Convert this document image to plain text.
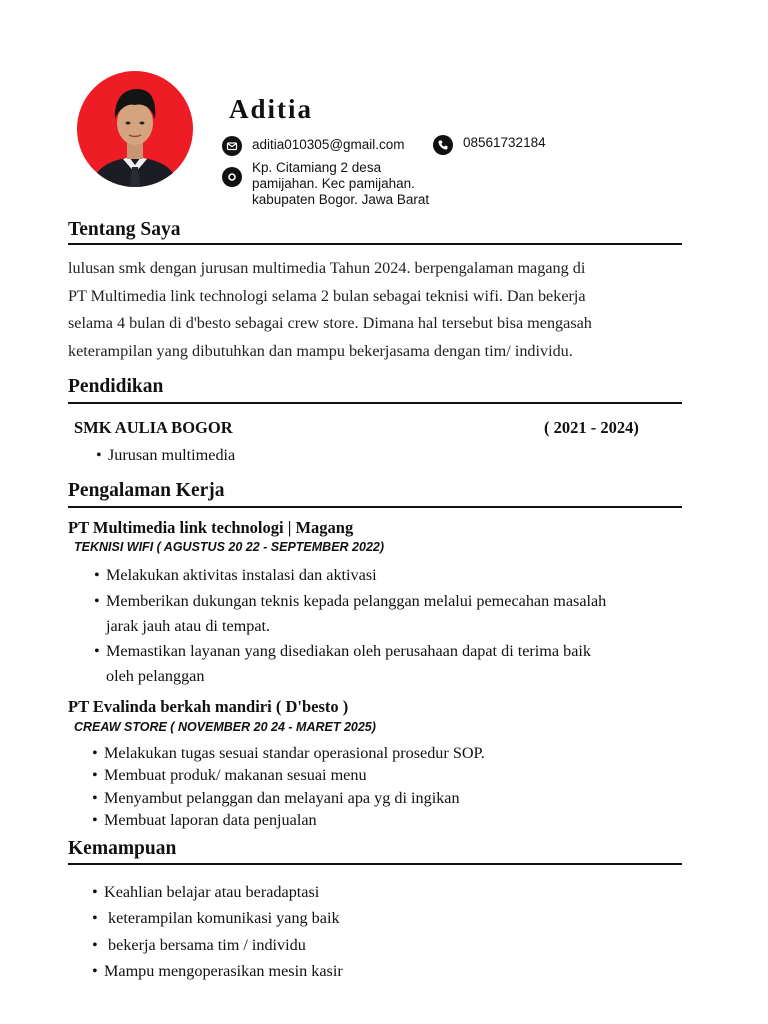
Aditia
aditia010305@gmail.com	08561732184
Kp. Citamiang 2 desa
pamijahan. Kec pamijahan.
kabupaten Bogor. Jawa Barat
Tentang Saya
lulusan smk dengan jurusan multimedia Tahun 2024. berpengalaman magang di
PT Multimedia link technologi selama 2 bulan sebagai teknisi wifi. Dan bekerja
selama 4 bulan di d'besto sebagai crew store. Dimana hal tersebut bisa mengasah
keterampilan yang dibutuhkan dan mampu bekerjasama dengan tim/ individu.
Pendidikan
SMK AULIA BOGOR	( 2021 - 2024)
• Jurusan multimedia
Pengalaman Kerja
PT Multimedia link technologi | Magang
TEKNISI WIFI ( AGUSTUS 20 22 - SEPTEMBER 2022)
• Melakukan aktivitas instalasi dan aktivasi
• Memberikan dukungan teknis kepada pelanggan melalui pemecahan masalah
jarak jauh atau di tempat.
• Memastikan layanan yang disediakan oleh perusahaan dapat di terima baik
oleh pelanggan
PT Evalinda berkah mandiri ( D'besto )
CREAW STORE ( NOVEMBER 20 24 - MARET 2025)
• Melakukan tugas sesuai standar operasional prosedur SOP.
• Membuat produk/ makanan sesuai menu
• Menyambut pelanggan dan melayani apa yg di ingikan
• Membuat laporan data penjualan
Kemampuan
• Keahlian belajar atau beradaptasi
• keterampilan komunikasi yang baik
• bekerja bersama tim / individu
• Mampu mengoperasikan mesin kasir
